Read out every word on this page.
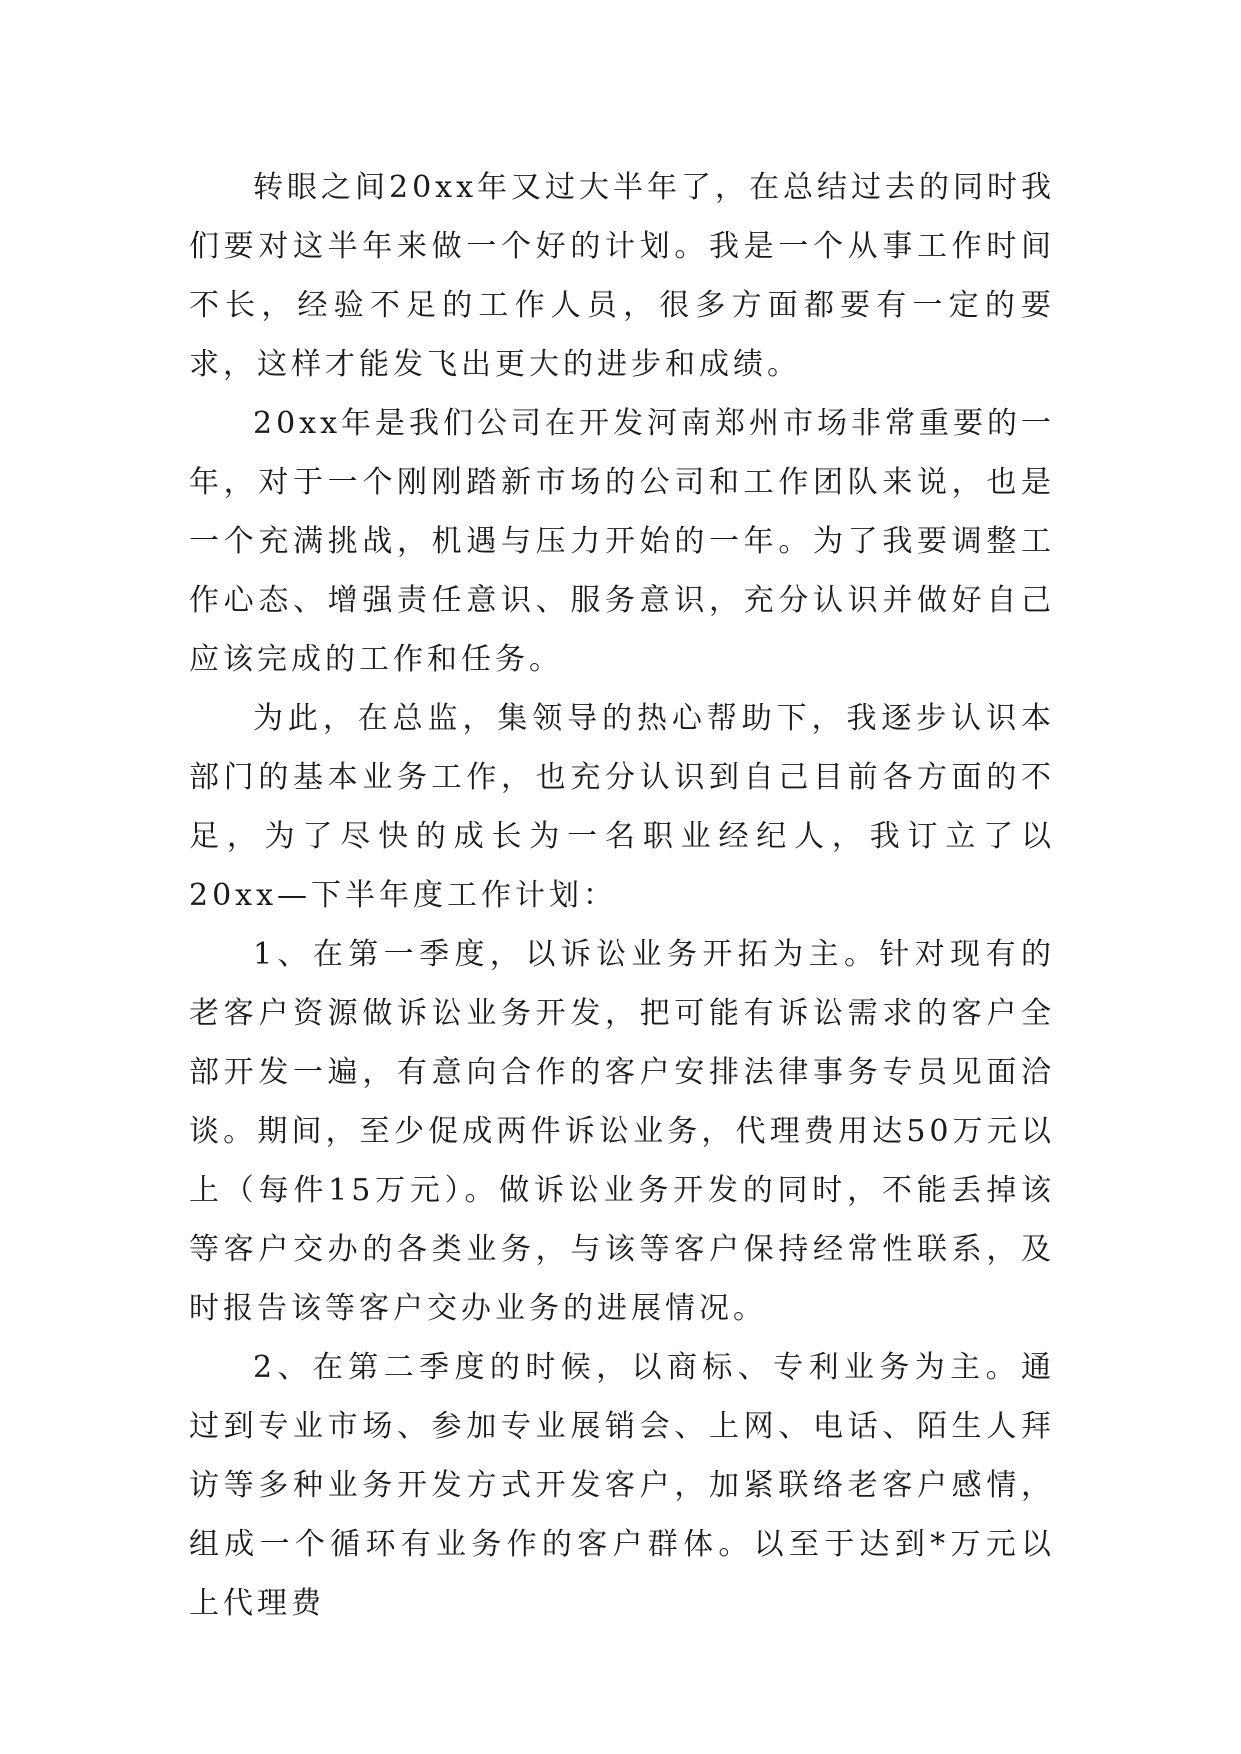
转眼之间20xx年又过大半年了，在总结过去的同时我们要对这半年来做一个好的计划。我是一个从事工作时间不长，经验不足的工作人员，很多方面都要有一定的要求，这样才能发飞出更大的进步和成绩。

20xx年是我们公司在开发河南郑州市场非常重要的一年，对于一个刚刚踏新市场的公司和工作团队来说，也是一个充满挑战，机遇与压力开始的一年。为了我要调整工作心态、增强责任意识、服务意识，充分认识并做好自己应该完成的工作和任务。

为此，在总监，集领导的热心帮助下，我逐步认识本部门的基本业务工作，也充分认识到自己目前各方面的不足，为了尽快的成长为一名职业经纪人，我订立了以20xx—下半年度工作计划：

1、在第一季度，以诉讼业务开拓为主。针对现有的老客户资源做诉讼业务开发，把可能有诉讼需求的客户全部开发一遍，有意向合作的客户安排法律事务专员见面洽谈。期间，至少促成两件诉讼业务，代理费用达50万元以上（每件15万元）。做诉讼业务开发的同时，不能丢掉该等客户交办的各类业务，与该等客户保持经常性联系，及时报告该等客户交办业务的进展情况。

2、在第二季度的时候，以商标、专利业务为主。通过到专业市场、参加专业展销会、上网、电话、陌生人拜访等多种业务开发方式开发客户，加紧联络老客户感情，组成一个循环有业务作的客户群体。以至于达到*万元以上代理费
